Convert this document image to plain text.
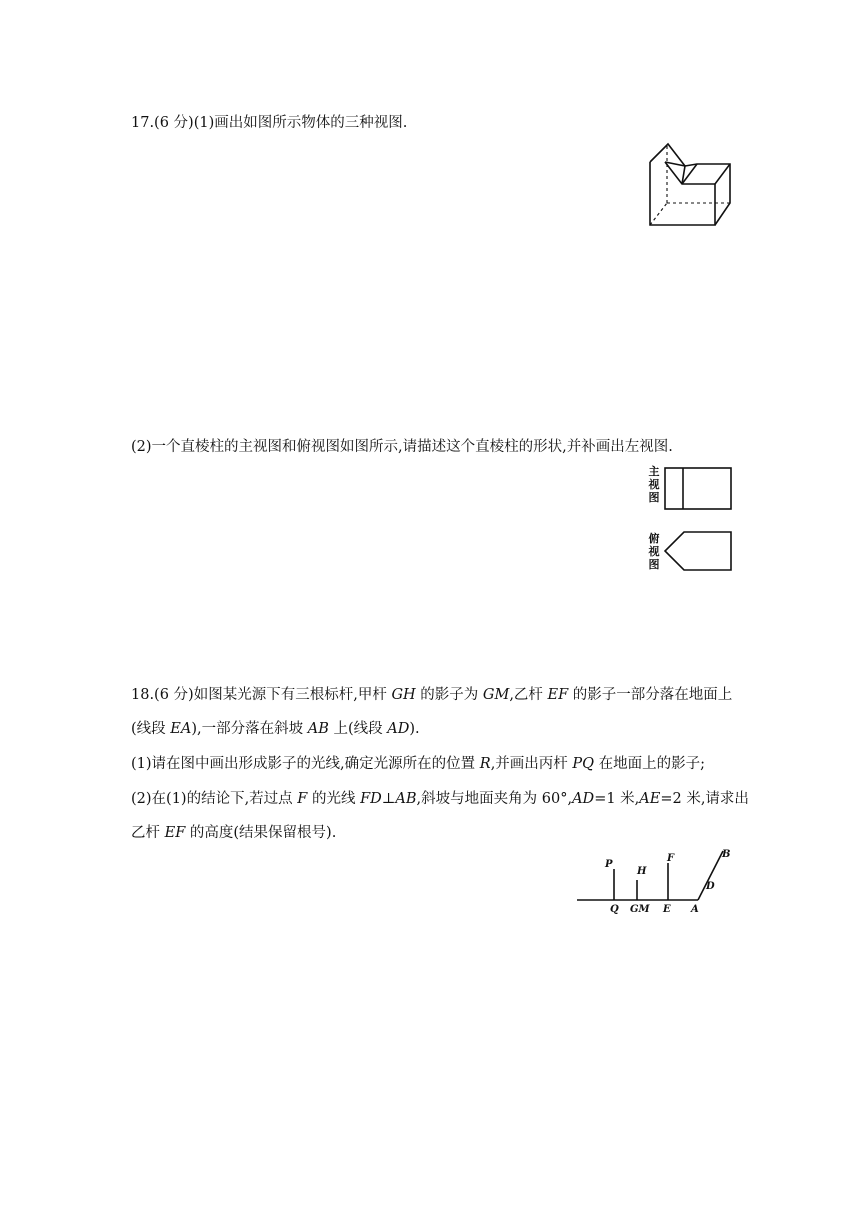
17.(6 分)(1)画出如图所示物体的三种视图.
(2)一个直棱柱的主视图和俯视图如图所示,请描述这个直棱柱的形状,并补画出左视图.
主
视
图
俯
视
图
18.(6 分)如图某光源下有三根标杆,甲杆 GH 的影子为 GM,乙杆 EF 的影子一部分落在地面上
(线段 EA),一部分落在斜坡 AB 上(线段 AD).
(1)请在图中画出形成影子的光线,确定光源所在的位置 R,并画出丙杆 PQ 在地面上的影子;
(2)在(1)的结论下,若过点 F 的光线 FD⊥AB,斜坡与地面夹角为 60°,AD=1 米,AE=2 米,请求出
乙杆 EF 的高度(结果保留根号).
P
H
F	B
D
Q GM E A
